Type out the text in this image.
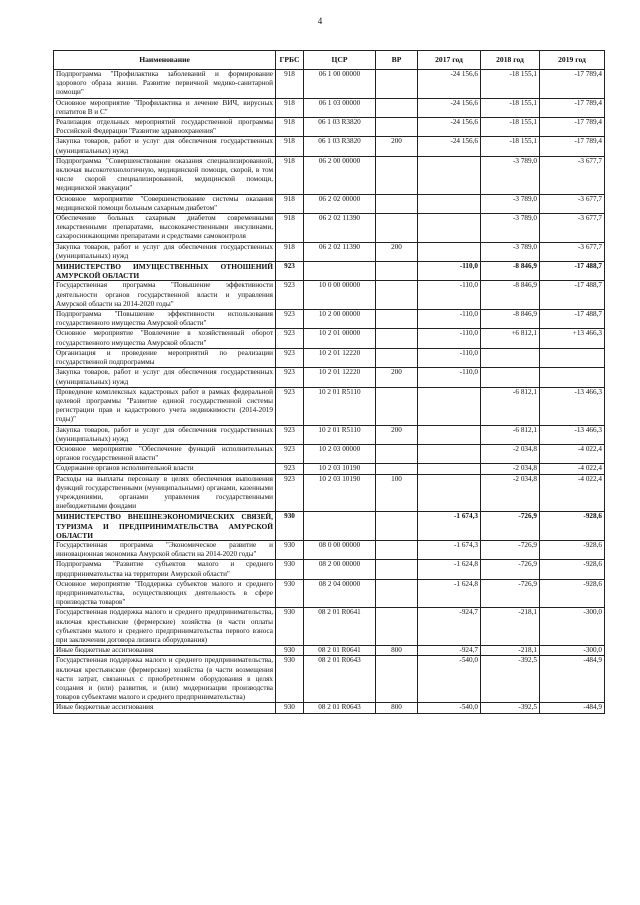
4
Наименование	ГРБС	ЦСР	ВР	2017 год	2018 год	2019 год
Подпрограмма "Профилактика заболеваний и формирование здорового образа жизни. Развитие первичной медико-санитарной помощи"	918	06 1 00 00000		-24 156,6	-18 155,1	-17 789,4
Основное мероприятие "Профилактика и лечение ВИЧ, вирусных гепатитов В и С"	918	06 1 03 00000		-24 156,6	-18 155,1	-17 789,4
Реализация отдельных мероприятий государственной программы Российской Федерации "Развитие здравоохранения"	918	06 1 03 R3820		-24 156,6	-18 155,1	-17 789,4
Закупка товаров, работ и услуг для обеспечения государственных (муниципальных) нужд	918	06 1 03 R3820	200	-24 156,6	-18 155,1	-17 789,4
Подпрограмма "Совершенствование оказания специализированной, включая высокотехнологичную, медицинской помощи, скорой, в том числе скорой специализированной, медицинской помощи, медицинской эвакуации"	918	06 2 00 00000			-3 789,0	-3 677,7
Основное мероприятие "Совершенствование системы оказания медицинской помощи больным сахарным диабетом"	918	06 2 02 00000			-3 789,0	-3 677,7
Обеспечение больных сахарным диабетом современными лекарственными препаратами, высококачественными инсулинами, сахароснижающими препаратами и средствами самоконтроля	918	06 2 02 11390			-3 789,0	-3 677,7
Закупка товаров, работ и услуг для обеспечения государственных (муниципальных) нужд	918	06 2 02 11390	200		-3 789,0	-3 677,7
МИНИСТЕРСТВО ИМУЩЕСТВЕННЫХ ОТНОШЕНИЙ АМУРСКОЙ ОБЛАСТИ	923			-110,0	-8 846,9	-17 488,7
Государственная программа "Повышение эффективности деятельности органов государственной власти и управления Амурской области на 2014-2020 годы"	923	10 0 00 00000		-110,0	-8 846,9	-17 488,7
Подпрограмма "Повышение эффективности использования государственного имущества Амурской области"	923	10 2 00 00000		-110,0	-8 846,9	-17 488,7
Основное мероприятие "Вовлечение в хозяйственный оборот государственного имущества Амурской области"	923	10 2 01 00000		-110,0	+6 812,1	+13 466,3
Организация и проведение мероприятий по реализации государственной подпрограммы	923	10 2 01 12220		-110,0		
Закупка товаров, работ и услуг для обеспечения государственных (муниципальных) нужд	923	10 2 01 12220	200	-110,0		
Проведение комплексных кадастровых работ в рамках федеральной целевой программы "Развитие единой государственной системы регистрации прав и кадастрового учета недвижимости (2014-2019 годы)"	923	10 2 01 R5110			-6 812,1	-13 466,3
Закупка товаров, работ и услуг для обеспечения государственных (муниципальных) нужд	923	10 2 01 R5110	200		-6 812,1	-13 466,3
Основное мероприятие "Обеспечение функций исполнительных органов государственной власти"	923	10 2 03 00000			-2 034,8	-4 022,4
Содержание органов исполнительной власти	923	10 2 03 10190			-2 034,8	-4 022,4
Расходы на выплаты персоналу в целях обеспечения выполнения функций государственными (муниципальными) органами, казенными учреждениями, органами управления государственными внебюджетными фондами	923	10 2 03 10190	100		-2 034,8	-4 022,4
МИНИСТЕРСТВО ВНЕШНЕЭКОНОМИЧЕСКИХ СВЯЗЕЙ, ТУРИЗМА И ПРЕДПРИНИМАТЕЛЬСТВА АМУРСКОЙ ОБЛАСТИ	930			-1 674,3	-726,9	-928,6
Государственная программа "Экономическое развитие и инновационная экономика Амурской области на 2014-2020 годы"	930	08 0 00 00000		-1 674,3	-726,9	-928,6
Подпрограмма "Развитие субъектов малого и среднего предпринимательства на территории Амурской области"	930	08 2 00 00000		-1 624,8	-726,9	-928,6
Основное мероприятие "Поддержка субъектов малого и среднего предпринимательства, осуществляющих деятельность в сфере производства товаров"	930	08 2 04 00000		-1 624,8	-726,9	-928,6
Государственная поддержка малого и среднего предпринимательства, включая крестьянские (фермерские) хозяйства (в части оплаты субъектами малого и среднего предпринимательства первого взноса при заключении договора лизинга оборудования)	930	08 2 01 R0641		-924,7	-218,1	-300,0
Иные бюджетные ассигнования	930	08 2 01 R0641	800	-924,7	-218,1	-300,0
Государственная поддержка малого и среднего предпринимательства, включая крестьянские (фермерские) хозяйства (в части возмещения части затрат, связанных с приобретением оборудования в целях создания и (или) развития, и (или) модернизации производства товаров субъектами малого и среднего предпринимательства)	930	08 2 01 R0643		-540,0	-392,5	-484,9
Иные бюджетные ассигнования	930	08 2 01 R0643	800	-540,0	-392,5	-484,9
